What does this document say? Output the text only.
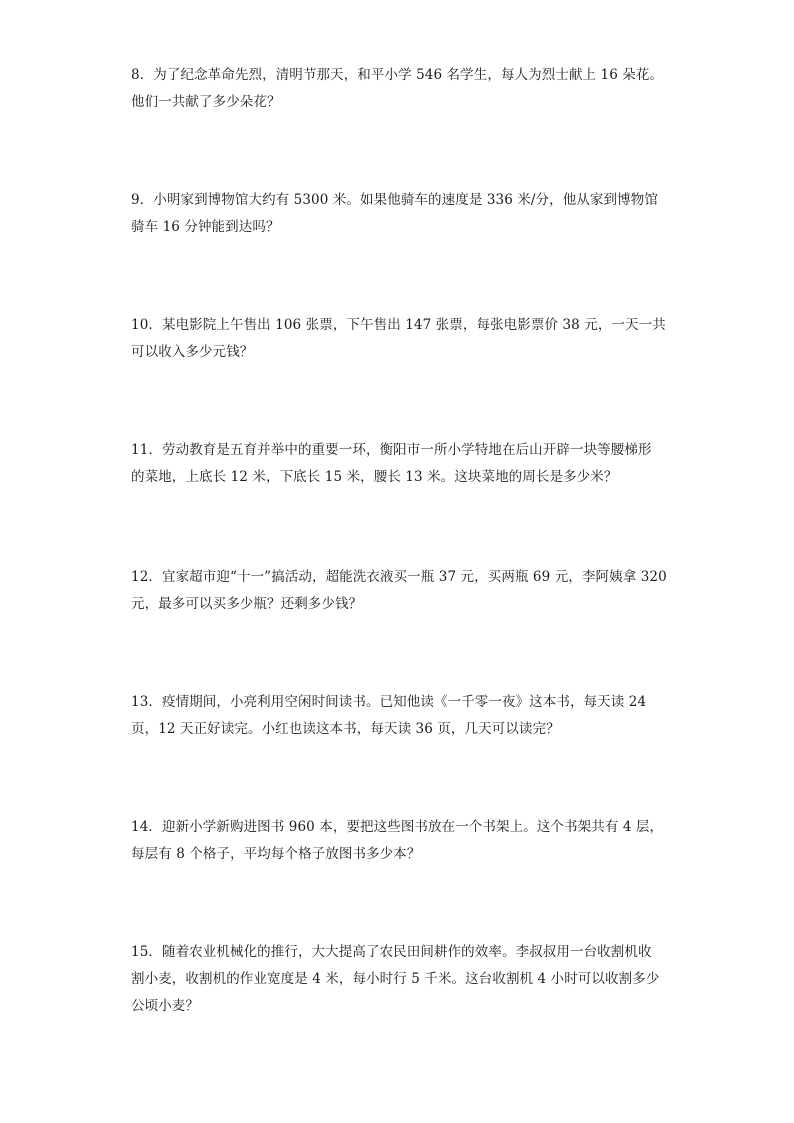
8．为了纪念革命先烈，清明节那天，和平小学 546 名学生，每人为烈士献上 16 朵花。
他们一共献了多少朵花？
9．小明家到博物馆大约有 5300 米。如果他骑车的速度是 336 米/分，他从家到博物馆
骑车 16 分钟能到达吗？
10．某电影院上午售出 106 张票，下午售出 147 张票，每张电影票价 38 元，一天一共
可以收入多少元钱？
11．劳动教育是五育并举中的重要一环，衡阳市一所小学特地在后山开辟一块等腰梯形
的菜地，上底长 12 米，下底长 15 米，腰长 13 米。这块菜地的周长是多少米？
12．宜家超市迎“十一”搞活动，超能洗衣液买一瓶 37 元，买两瓶 69 元，李阿姨拿 320
元，最多可以买多少瓶？还剩多少钱？
13．疫情期间，小亮利用空闲时间读书。已知他读《一千零一夜》这本书，每天读 24
页，12 天正好读完。小红也读这本书，每天读 36 页，几天可以读完？
14．迎新小学新购进图书 960 本，要把这些图书放在一个书架上。这个书架共有 4 层，
每层有 8 个格子，平均每个格子放图书多少本？
15．随着农业机械化的推行，大大提高了农民田间耕作的效率。李叔叔用一台收割机收
割小麦，收割机的作业宽度是 4 米，每小时行 5 千米。这台收割机 4 小时可以收割多少
公顷小麦？
